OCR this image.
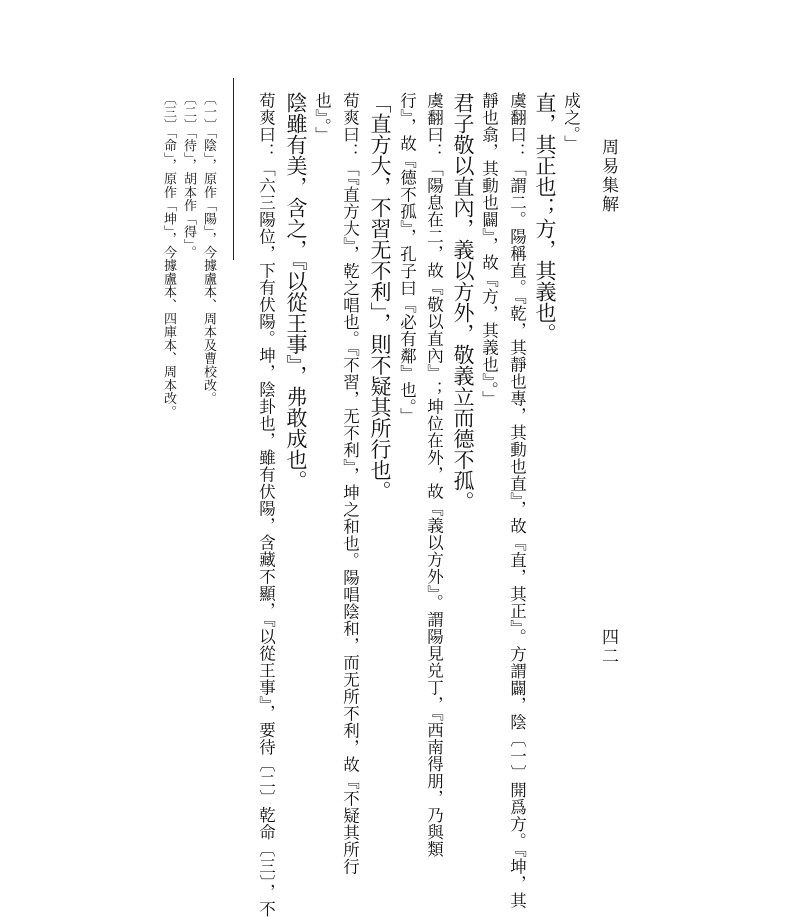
周易集解
四二
成之。」
直，其正也；方，其義也。
虞翻曰：「謂二。陽稱直。『乾，其靜也專，其動也直』，故『直，其正』。方謂闢，陰〔一〕開爲方。『坤，其
靜也翕，其動也闢』，故『方，其義也』。」
君子敬以直內，義以方外，敬義立而德不孤。
虞翻曰：「陽息在二，故『敬以直內』；坤位在外，故『義以方外』。謂陽見兑丁，『西南得朋，乃與類
行』，故『德不孤』，孔子曰『必有鄰』也。」
「直方大，不習无不利」，則不疑其所行也。
荀爽曰：「『直方大』，乾之唱也。『不習，无不利』，坤之和也。陽唱陰和，而无所不利，故『不疑其所行
也』。」
陰雖有美，含之，『以從王事』，弗敢成也。
荀爽曰：「六三陽位，下有伏陽。坤，陰卦也，雖有伏陽，含藏不顯，『以從王事』，要待〔二〕乾命〔三〕，不
〔一〕「陰」，原作「陽」，今據盧本、周本及曹校改。
〔二〕「待」，胡本作「得」。
〔三〕「命」，原作「坤」，今據盧本、四庫本、周本改。
